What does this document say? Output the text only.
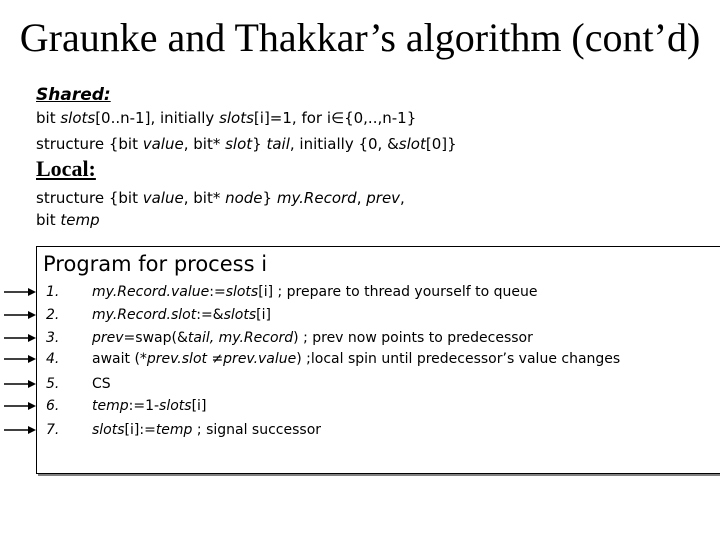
Graunke and Thakkar’s algorithm (cont’d)
Shared:
bit slots[0..n-1], initially slots[i]=1, for i∈{0,..,n-1}
structure {bit value, bit* slot} tail, initially {0, &slot[0]}
Local:
structure {bit value, bit* node} my.Record, prev,
bit temp
Program for process i
1. my.Record.value:=slots[i] ; prepare to thread yourself to queue
2. my.Record.slot:=&slots[i]
3. prev=swap(&tail, my.Record) ; prev now points to predecessor
4. await (*prev.slot ≠prev.value) ;local spin until predecessor’s value changes
5. CS
6. temp:=1-slots[i]
7. slots[i]:=temp ; signal successor
